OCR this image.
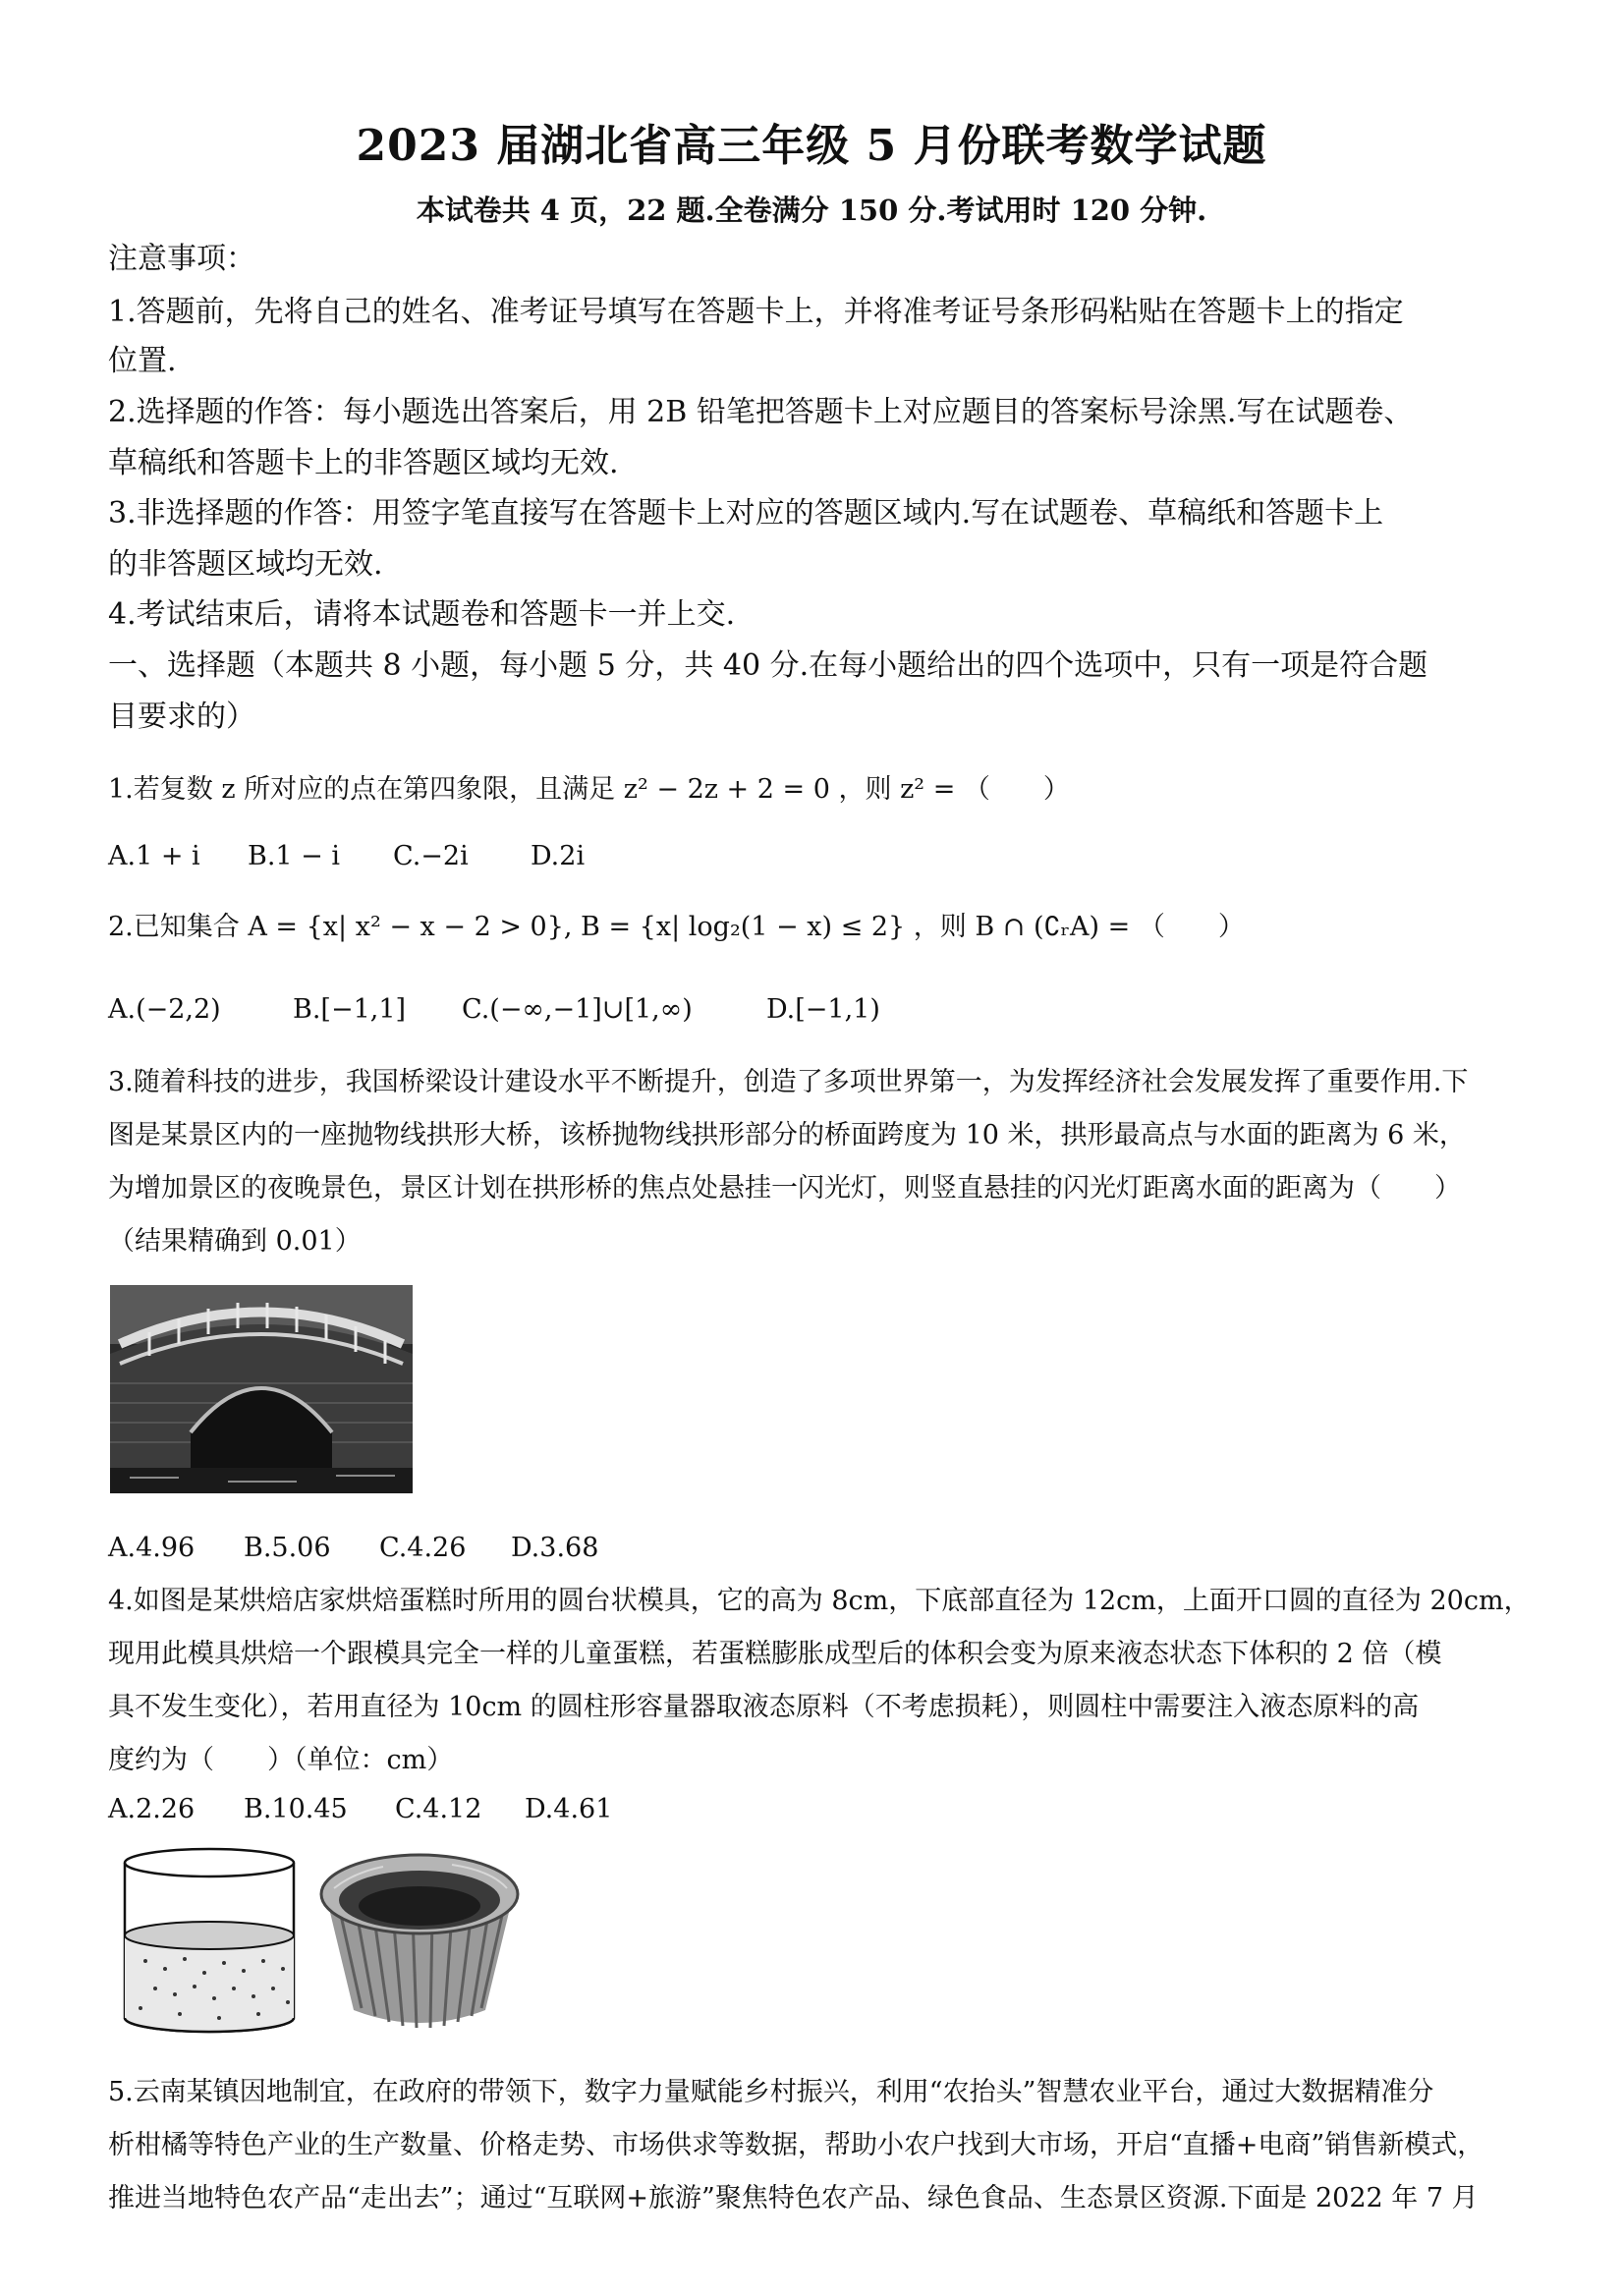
2023 届湖北省高三年级 5 月份联考数学试题
本试卷共 4 页，22 题.全卷满分 150 分.考试用时 120 分钟.
注意事项：
1.答题前，先将自己的姓名、准考证号填写在答题卡上，并将准考证号条形码粘贴在答题卡上的指定
位置.
2.选择题的作答：每小题选出答案后，用 2B 铅笔把答题卡上对应题目的答案标号涂黑.写在试题卷、
草稿纸和答题卡上的非答题区域均无效.
3.非选择题的作答：用签字笔直接写在答题卡上对应的答题区域内.写在试题卷、草稿纸和答题卡上
的非答题区域均无效.
4.考试结束后，请将本试题卷和答题卡一并上交.
一、选择题（本题共 8 小题，每小题 5 分，共 40 分.在每小题给出的四个选项中，只有一项是符合题
目要求的）
1.若复数 z 所对应的点在第四象限，且满足 z² − 2z + 2 = 0 ，则 z² = （　　）
A.1 + i B.1 − i C.−2i D.2i
2.已知集合 A = {x| x² − x − 2 > 0}, B = {x| log₂(1 − x) ≤ 2} ，则 B ∩ (∁ᵣA) = （　　）
A.(−2,2)	B.[−1,1] C.(−∞,−1]∪[1,∞)	D.[−1,1)
3.随着科技的进步，我国桥梁设计建设水平不断提升，创造了多项世界第一，为发挥经济社会发展发挥了重要作用.下
图是某景区内的一座抛物线拱形大桥，该桥抛物线拱形部分的桥面跨度为 10 米，拱形最高点与水面的距离为 6 米，
为增加景区的夜晚景色，景区计划在拱形桥的焦点处悬挂一闪光灯，则竖直悬挂的闪光灯距离水面的距离为（　　）
（结果精确到 0.01）
A.4.96 B.5.06 C.4.26 D.3.68
4.如图是某烘焙店家烘焙蛋糕时所用的圆台状模具，它的高为 8cm，下底部直径为 12cm，上面开口圆的直径为 20cm，
现用此模具烘焙一个跟模具完全一样的儿童蛋糕，若蛋糕膨胀成型后的体积会变为原来液态状态下体积的 2 倍（模
具不发生变化），若用直径为 10cm 的圆柱形容量器取液态原料（不考虑损耗），则圆柱中需要注入液态原料的高
度约为（　　）（单位：cm）
A.2.26 B.10.45 C.4.12 D.4.61
5.云南某镇因地制宜，在政府的带领下，数字力量赋能乡村振兴，利用“农抬头”智慧农业平台，通过大数据精准分
析柑橘等特色产业的生产数量、价格走势、市场供求等数据，帮助小农户找到大市场，开启“直播+电商”销售新模式，
推进当地特色农产品“走出去”；通过“互联网+旅游”聚焦特色农产品、绿色食品、生态景区资源.下面是 2022 年 7 月
